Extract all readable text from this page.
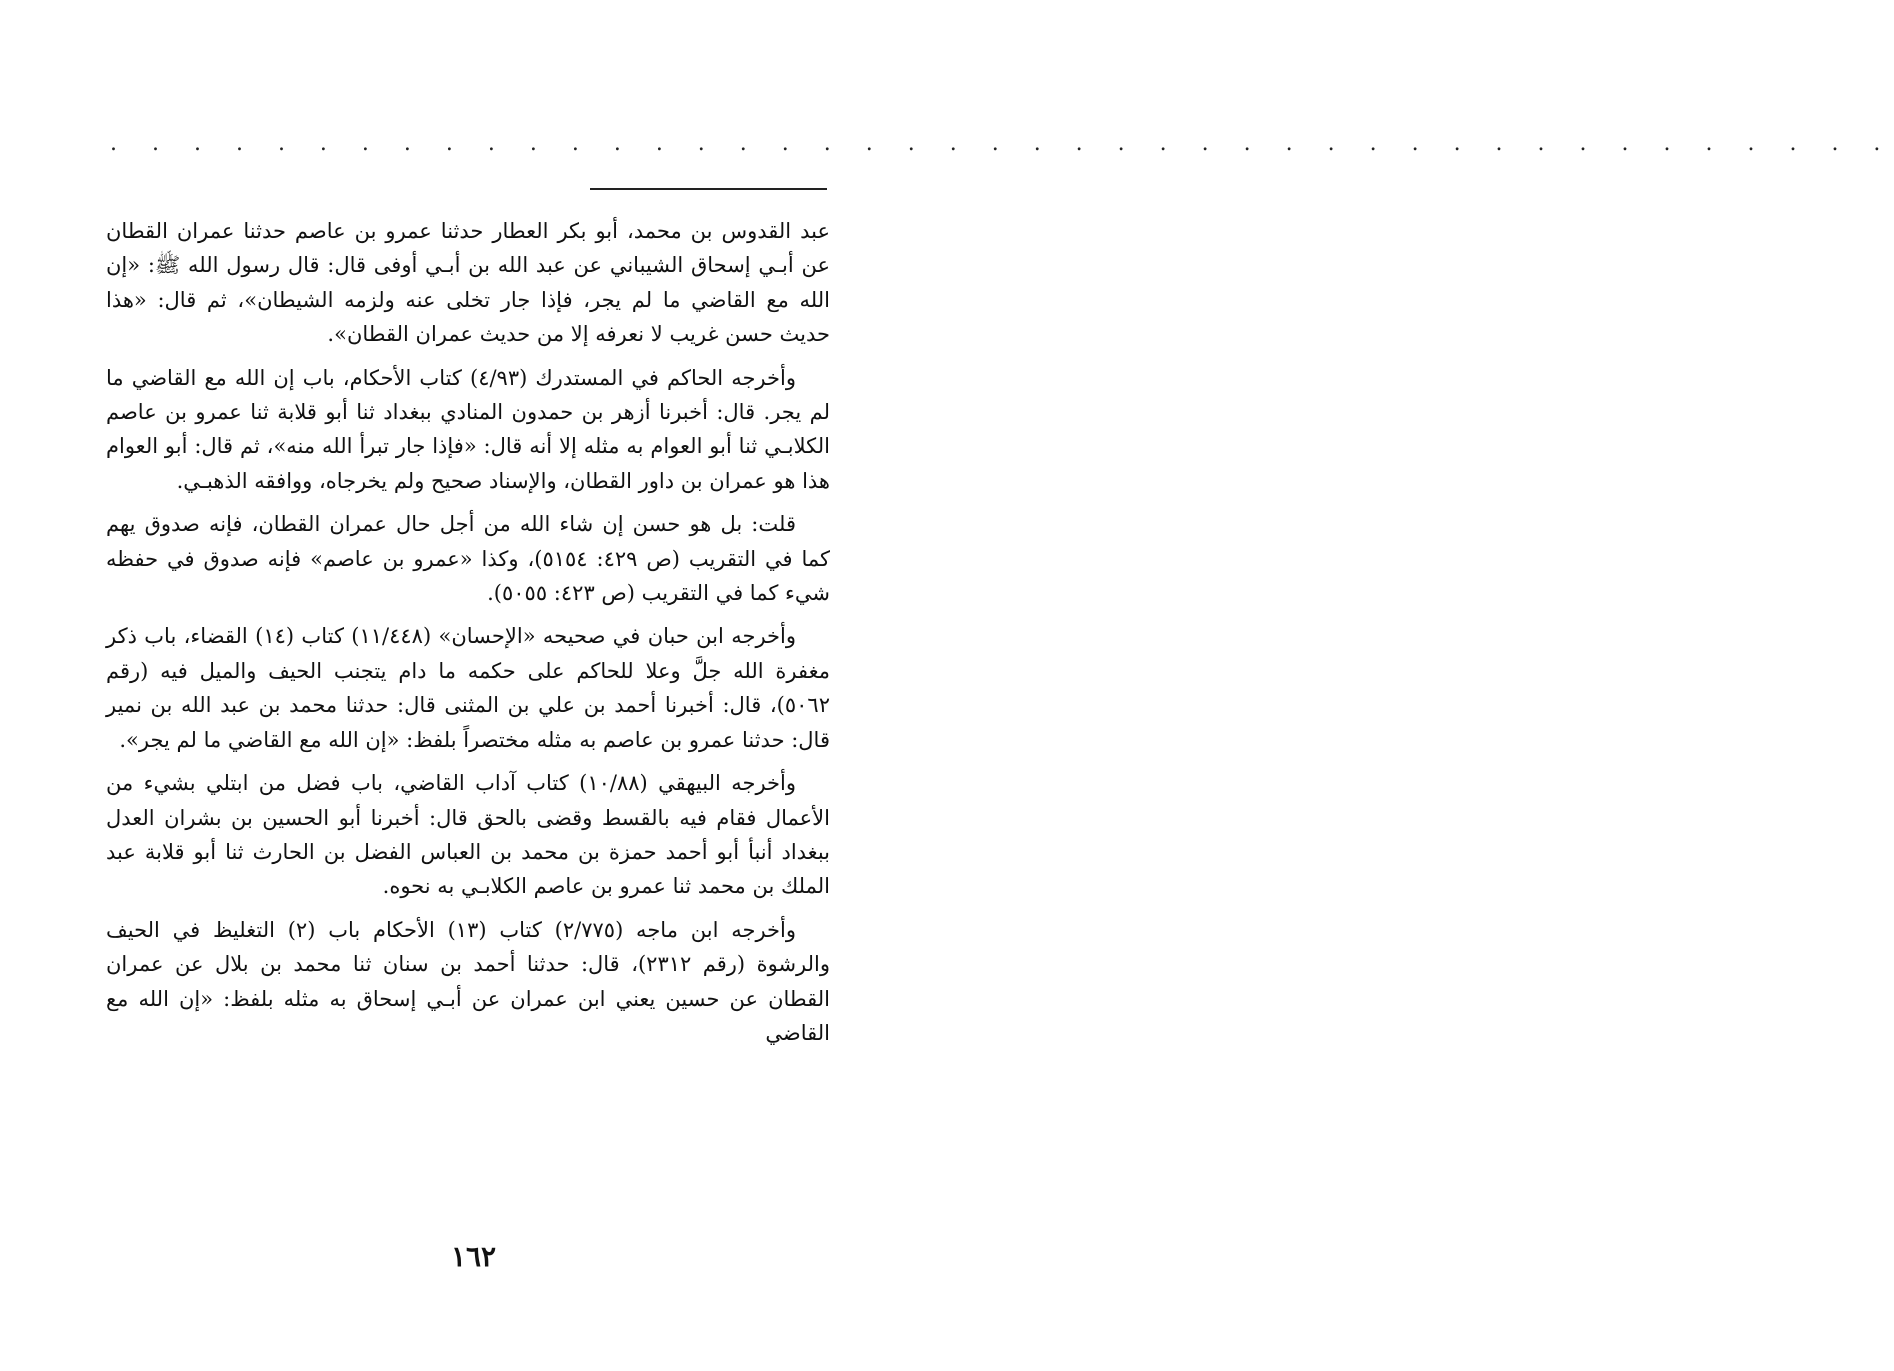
. . . . . . . . . . . . . . . . . . . . . . . . . . . . . . . . . . . . . . . . . . .

عبد القدوس بن محمد، أبو بكر العطار حدثنا عمرو بن عاصم حدثنا عمران القطان عن أبـي إسحاق الشيباني عن عبد الله بن أبـي أوفى قال: قال رسول الله ﷺ: «إن الله مع القاضي ما لم يجر، فإذا جار تخلى عنه ولزمه الشيطان»، ثم قال: «هذا حديث حسن غريب لا نعرفه إلا من حديث عمران القطان».

وأخرجه الحاكم في المستدرك (٤/٩٣) كتاب الأحكام، باب إن الله مع القاضي ما لم يجر. قال: أخبرنا أزهر بن حمدون المنادي ببغداد ثنا أبو قلابة ثنا عمرو بن عاصم الكلابـي ثنا أبو العوام به مثله إلا أنه قال: «فإذا جار تبرأ الله منه»، ثم قال: أبو العوام هذا هو عمران بن داور القطان، والإسناد صحيح ولم يخرجاه، ووافقه الذهبـي.

قلت: بل هو حسن إن شاء الله من أجل حال عمران القطان، فإنه صدوق يهم كما في التقريب (ص ٤٢٩: ٥١٥٤)، وكذا «عمرو بن عاصم» فإنه صدوق في حفظه شيء كما في التقريب (ص ٤٢٣: ٥٠٥٥).

وأخرجه ابن حبان في صحيحه «الإحسان» (١١/٤٤٨) كتاب (١٤) القضاء، باب ذكر مغفرة الله جلَّ وعلا للحاكم على حكمه ما دام يتجنب الحيف والميل فيه (رقم ٥٠٦٢)، قال: أخبرنا أحمد بن علي بن المثنى قال: حدثنا محمد بن عبد الله بن نمير قال: حدثنا عمرو بن عاصم به مثله مختصراً بلفظ: «إن الله مع القاضي ما لم يجر».

وأخرجه البيهقي (١٠/٨٨) كتاب آداب القاضي، باب فضل من ابتلي بشيء من الأعمال فقام فيه بالقسط وقضى بالحق قال: أخبرنا أبو الحسين بن بشران العدل ببغداد أنبأ أبو أحمد حمزة بن محمد بن العباس الفضل بن الحارث ثنا أبو قلابة عبد الملك بن محمد ثنا عمرو بن عاصم الكلابـي به نحوه.

وأخرجه ابن ماجه (٢/٧٧٥) كتاب (١٣) الأحكام باب (٢) التغليظ في الحيف والرشوة (رقم ٢٣١٢)، قال: حدثنا أحمد بن سنان ثنا محمد بن بلال عن عمران القطان عن حسين يعني ابن عمران عن أبـي إسحاق به مثله بلفظ: «إن الله مع القاضي

١٦٢
